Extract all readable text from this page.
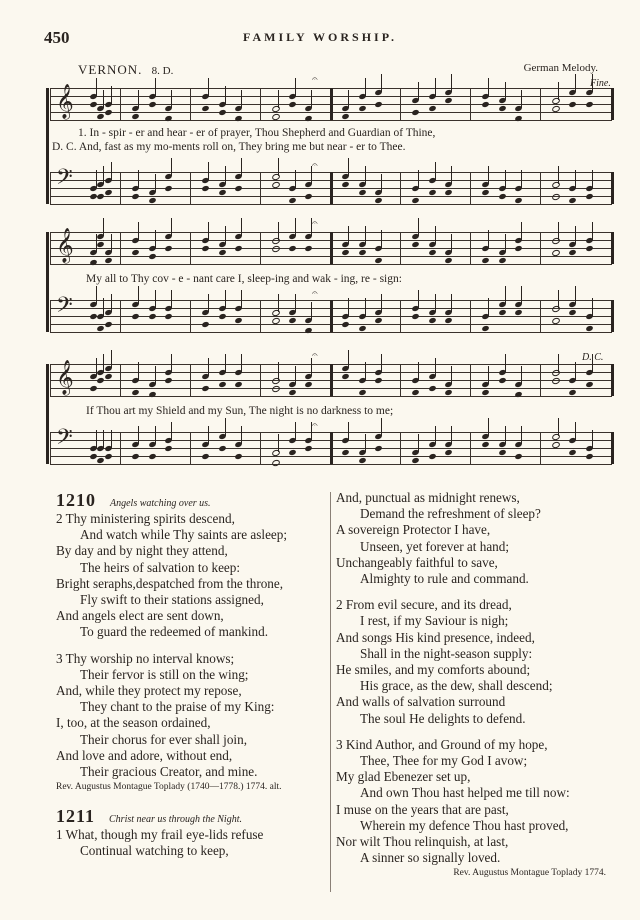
450	FAMILY WORSHIP.
VERNON. 8. D.	German Melody.
𝄞
𝄐	Fine.
1. In - spir - er and hear - er of prayer, Thou Shepherd and Guardian of Thine,
D. C. And, fast as my mo-ments roll on, They bring me but near - er to Thee.
𝄢	𝄐
𝄞
𝄐
My all to Thy cov - e - nant care I, sleep-ing and wak - ing, re - sign:
𝄢	𝄐
𝄞
𝄐	D. C.
If Thou art my Shield and my Sun, The night is no darkness to me;
𝄢	𝄐
1210 Angels watching over us.
2 Thy ministering spirits descend,
And watch while Thy saints are asleep;
By day and by night they attend,
The heirs of salvation to keep:
Bright seraphs,despatched from the throne,
Fly swift to their stations assigned,
And angels elect are sent down,
To guard the redeemed of mankind.
3 Thy worship no interval knows;
Their fervor is still on the wing;
And, while they protect my repose,
They chant to the praise of my King:
I, too, at the season ordained,
Their chorus for ever shall join,
And love and adore, without end,
Their gracious Creator, and mine.
Rev. Augustus Montague Toplady (1740—1778.) 1774. alt.
1211 Christ near us through the Night.
1 What, though my frail eye-lids refuse
Continual watching to keep,
And, punctual as midnight renews,
Demand the refreshment of sleep?
A sovereign Protector I have,
Unseen, yet forever at hand;
Unchangeably faithful to save,
Almighty to rule and command.
2 From evil secure, and its dread,
I rest, if my Saviour is nigh;
And songs His kind presence, indeed,
Shall in the night-season supply:
He smiles, and my comforts abound;
His grace, as the dew, shall descend;
And walls of salvation surround
The soul He delights to defend.
3 Kind Author, and Ground of my hope,
Thee, Thee for my God I avow;
My glad Ebenezer set up,
And own Thou hast helped me till now:
I muse on the years that are past,
Wherein my defence Thou hast proved,
Nor wilt Thou relinquish, at last,
A sinner so signally loved.
Rev. Augustus Montague Toplady 1774.
